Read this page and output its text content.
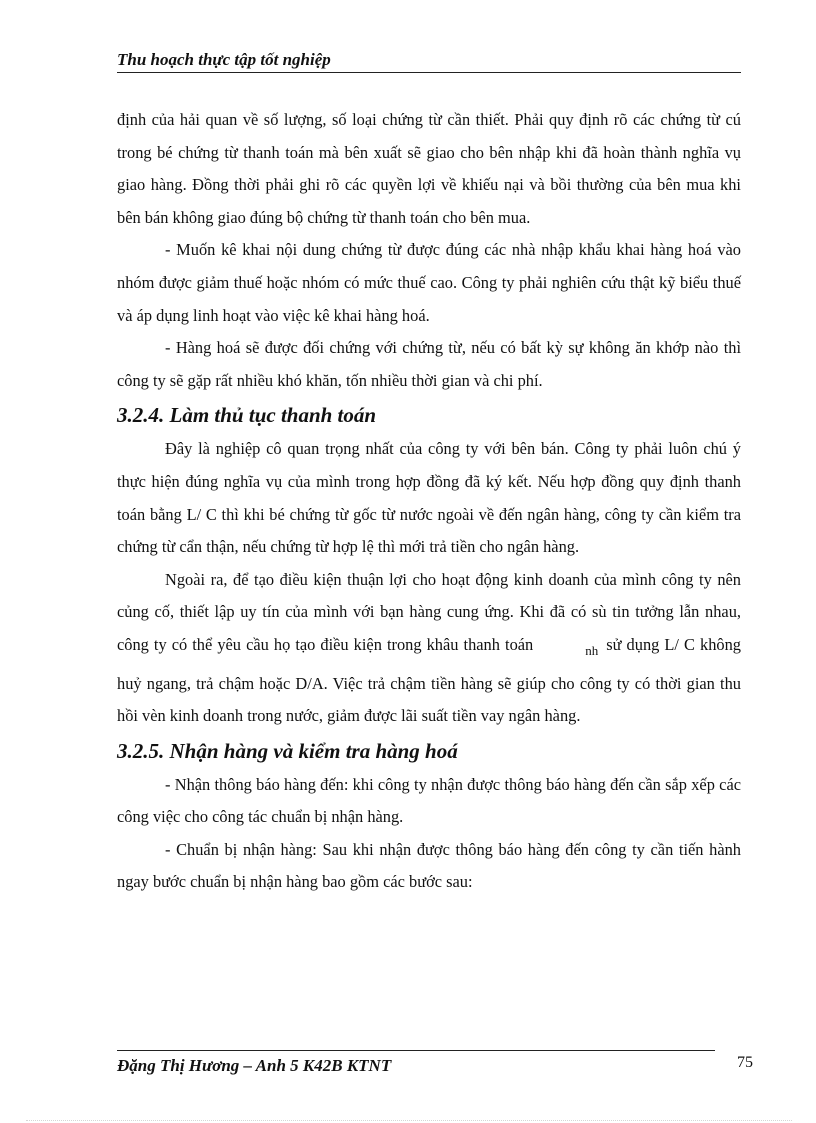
Thu hoạch thực tập tốt nghiệp

định của hải quan về số lượng, số loại chứng từ cần thiết. Phải quy định rõ các chứng từ cú trong bé chứng từ thanh toán mà bên xuất sẽ giao cho bên nhập khi đã hoàn thành nghĩa vụ giao hàng. Đồng thời phải ghi rõ các quyền lợi về khiếu nại và bồi thường của bên mua khi bên bán không giao đúng bộ chứng từ thanh toán cho bên mua.

- Muốn kê khai nội dung chứng từ được đúng các nhà nhập khẩu khai hàng hoá vào nhóm được giảm thuế hoặc nhóm có mức thuế cao. Công ty phải nghiên cứu thật kỹ biểu thuế và áp dụng linh hoạt vào việc kê khai hàng hoá.

- Hàng hoá sẽ được đối chứng với chứng từ, nếu có bất kỳ sự không ăn khớp nào thì công ty sẽ gặp rất nhiều khó khăn, tốn nhiều thời gian và chi phí.

3.2.4. Làm thủ tục thanh toán

Đây là nghiệp cô quan trọng nhất của công ty với bên bán. Công ty phải luôn chú ý thực hiện đúng nghĩa vụ của mình trong hợp đồng đã ký kết. Nếu hợp đồng quy định thanh toán bằng L/ C thì khi bé chứng từ gốc từ nước ngoài về đến ngân hàng, công ty cần kiểm tra chứng từ cẩn thận, nếu chứng từ hợp lệ thì mới trả tiền cho ngân hàng.

Ngoài ra, để tạo điều kiện thuận lợi cho hoạt động kinh doanh của mình công ty nên củng cố, thiết lập uy tín của mình với bạn hàng cung ứng. Khi đã có sù tin tưởng lẫn nhau, công ty có thể yêu cầu họ tạo điều kiện trong khâu thanh toán	nh sử dụng L/ C không huỷ ngang, trả chậm hoặc D/A. Việc trả chậm tiền hàng sẽ giúp cho công ty có thời gian thu hồi vèn kinh doanh trong nước, giảm được lãi suất tiền vay ngân hàng.

3.2.5. Nhận hàng và kiểm tra hàng hoá

- Nhận thông báo hàng đến: khi công ty nhận được thông báo hàng đến cần sắp xếp các công việc cho công tác chuẩn bị nhận hàng.

- Chuẩn bị nhận hàng: Sau khi nhận được thông báo hàng đến công ty cần tiến hành ngay bước chuẩn bị nhận hàng bao gồm các bước sau:

Đặng Thị Hương – Anh 5 K42B KTNT	75
